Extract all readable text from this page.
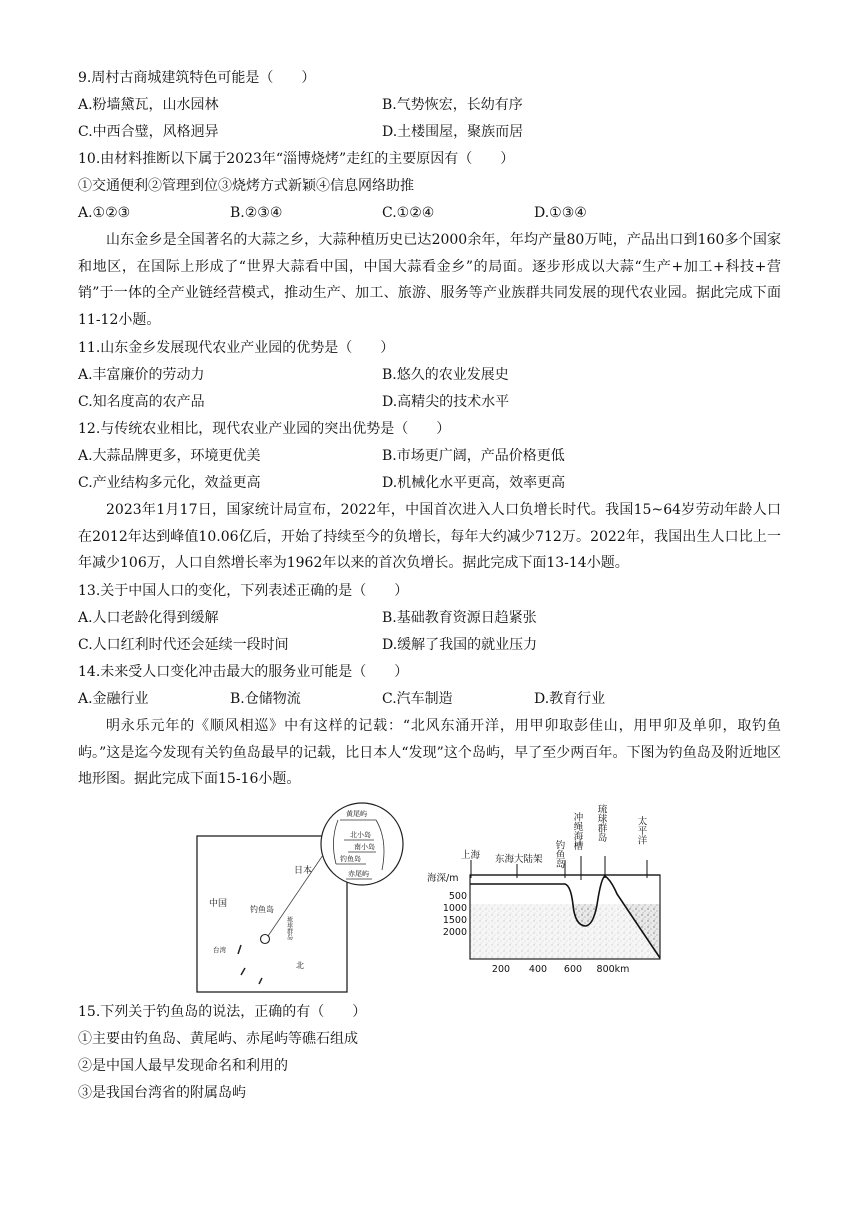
9.周村古商城建筑特色可能是（　　）
A.粉墙黛瓦，山水园林	B.气势恢宏，长幼有序
C.中西合璧，风格迥异	D.土楼围屋，聚族而居
10.由材料推断以下属于2023年“淄博烧烤”走红的主要原因有（　　）
①交通便利②管理到位③烧烤方式新颖④信息网络助推
A.①②③	B.②③④	C.①②④	D.①③④
山东金乡是全国著名的大蒜之乡，大蒜种植历史已达2000余年，年均产量80万吨，产品出口到160多个国家和地区，在国际上形成了“世界大蒜看中国，中国大蒜看金乡”的局面。逐步形成以大蒜“生产+加工+科技+营销”于一体的全产业链经营模式，推动生产、加工、旅游、服务等产业族群共同发展的现代农业园。据此完成下面11-12小题。
11.山东金乡发展现代农业产业园的优势是（　　）
A.丰富廉价的劳动力	B.悠久的农业发展史
C.知名度高的农产品	D.高精尖的技术水平
12.与传统农业相比，现代农业产业园的突出优势是（　　）
A.大蒜品牌更多，环境更优美	B.市场更广阔，产品价格更低
C.产业结构多元化，效益更高	D.机械化水平更高，效率更高
2023年1月17日，国家统计局宣布，2022年，中国首次进入人口负增长时代。我国15~64岁劳动年龄人口在2012年达到峰值10.06亿后，开始了持续至今的负增长，每年大约减少712万。2022年，我国出生人口比上一年减少106万，人口自然增长率为1962年以来的首次负增长。据此完成下面13-14小题。
13.关于中国人口的变化，下列表述正确的是（　　）
A.人口老龄化得到缓解	B.基础教育资源日趋紧张
C.人口红利时代还会延续一段时间	D.缓解了我国的就业压力
14.未来受人口变化冲击最大的服务业可能是（　　）
A.金融行业	B.仓储物流	C.汽车制造	D.教育行业
明永乐元年的《顺风相巡》中有这样的记载：“北风东涌开洋，用甲卯取彭佳山，用甲卯及单卯，取钓鱼屿。”这是迄今发现有关钓鱼岛最早的记载，比日本人“发现”这个岛屿，早了至少两百年。下图为钓鱼岛及附近地区地形图。据此完成下面15-16小题。
中国
日本
钓鱼岛
台湾
北
琉球群岛
黄尾屿
北小岛
南小岛
钓鱼岛
赤尾屿
上海 东海大陆架 钓鱼岛
冲绳海槽 琉球群岛	太平洋
海深/m
500
1000
1500
2000
200 400 600 800km
15.下列关于钓鱼岛的说法，正确的有（　　）
①主要由钓鱼岛、黄尾屿、赤尾屿等礁石组成
②是中国人最早发现命名和利用的
③是我国台湾省的附属岛屿
